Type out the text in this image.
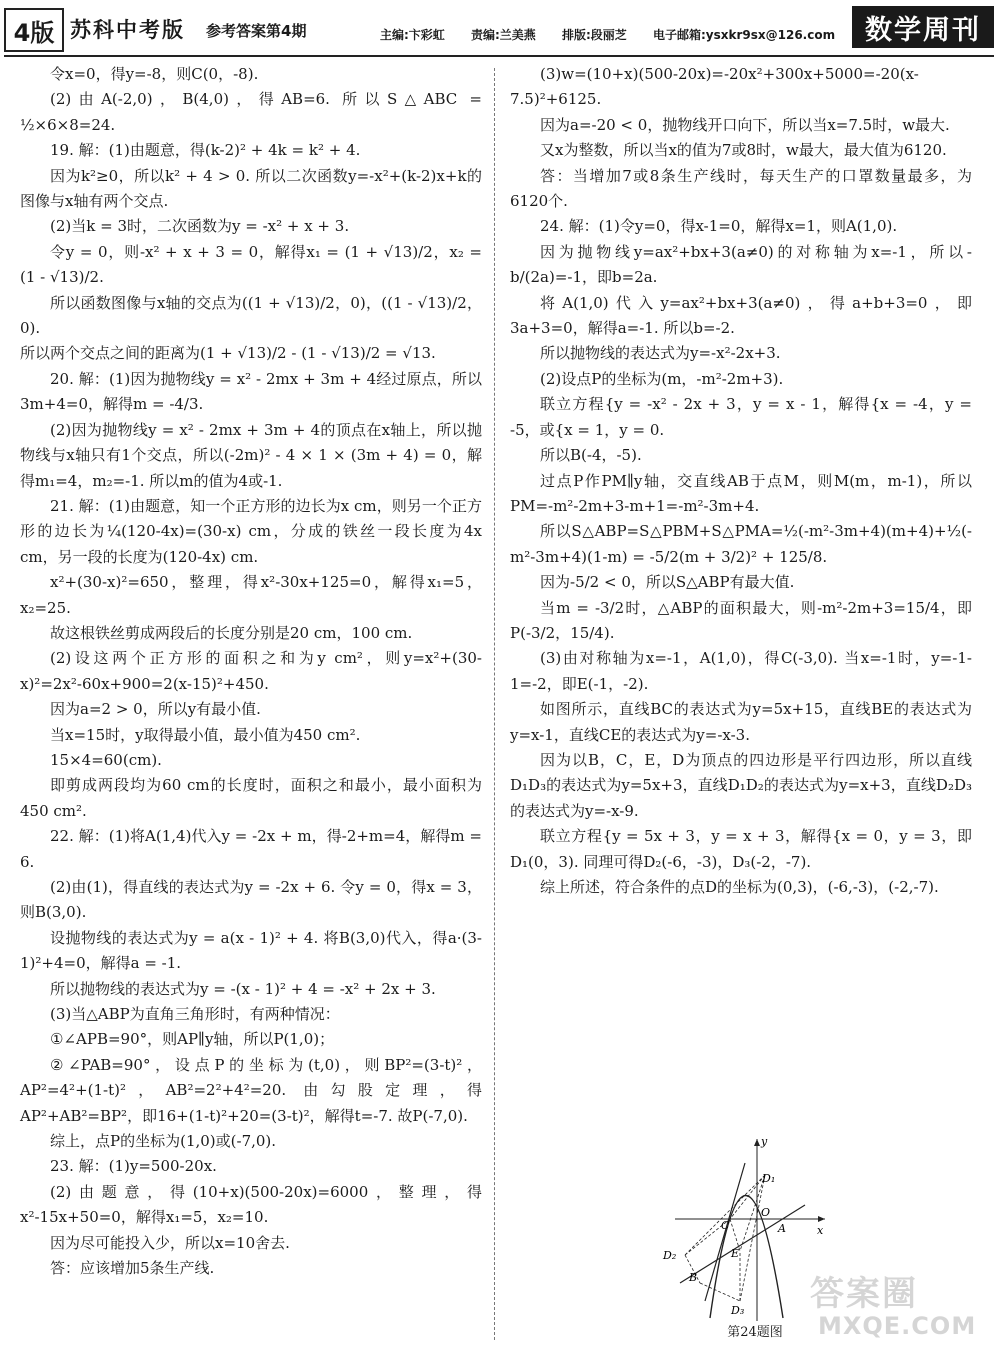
4版 苏科中考版 参考答案第4期	主编:卞彩虹 责编:兰美燕 排版:段丽芝 电子邮箱:ysxkr9sx@126.com	数学周刊

令x=0，得y=-8，则C(0，-8).

(2)由A(-2,0)，B(4,0)，得AB=6. 所以S△ABC = ½×6×8=24.

19. 解：(1)由题意，得(k-2)² + 4k = k² + 4.

因为k²≥0，所以k² + 4 > 0. 所以二次函数y=-x²+(k-2)x+k的图像与x轴有两个交点.

(2)当k = 3时，二次函数为y = -x² + x + 3.

令y = 0，则-x² + x + 3 = 0，解得x₁ = (1 + √13)/2，x₂ = (1 - √13)/2.

所以函数图像与x轴的交点为((1 + √13)/2，0)，((1 - √13)/2，0).

所以两个交点之间的距离为(1 + √13)/2 - (1 - √13)/2 = √13.

20. 解：(1)因为抛物线y = x² - 2mx + 3m + 4经过原点，所以3m+4=0，解得m = -4/3.

(2)因为抛物线y = x² - 2mx + 3m + 4的顶点在x轴上，所以抛物线与x轴只有1个交点，所以(-2m)² - 4 × 1 × (3m + 4) = 0，解得m₁=4，m₂=-1. 所以m的值为4或-1.

21. 解：(1)由题意，知一个正方形的边长为x cm，则另一个正方形的边长为¼(120-4x)=(30-x) cm，分成的铁丝一段长度为4x cm，另一段的长度为(120-4x) cm.

x²+(30-x)²=650，整理，得x²-30x+125=0，解得x₁=5，x₂=25.

故这根铁丝剪成两段后的长度分别是20 cm，100 cm.

(2)设这两个正方形的面积之和为y cm²，则y=x²+(30-x)²=2x²-60x+900=2(x-15)²+450.

因为a=2 > 0，所以y有最小值.

当x=15时，y取得最小值，最小值为450 cm².

15×4=60(cm).

即剪成两段均为60 cm的长度时，面积之和最小，最小面积为450 cm².

22. 解：(1)将A(1,4)代入y = -2x + m，得-2+m=4，解得m = 6.

(2)由(1)，得直线的表达式为y = -2x + 6. 令y = 0，得x = 3，则B(3,0).

设抛物线的表达式为y = a(x - 1)² + 4. 将B(3,0)代入，得a·(3-1)²+4=0，解得a = -1.

所以抛物线的表达式为y = -(x - 1)² + 4 = -x² + 2x + 3.

(3)当△ABP为直角三角形时，有两种情况：

①∠APB=90°，则AP∥y轴，所以P(1,0)；

②∠PAB=90°，设点P的坐标为(t,0)，则BP²=(3-t)²，AP²=4²+(1-t)²，AB²=2²+4²=20. 由勾股定理，得AP²+AB²=BP²，即16+(1-t)²+20=(3-t)²，解得t=-7. 故P(-7,0).

综上，点P的坐标为(1,0)或(-7,0).

23. 解：(1)y=500-20x.

(2)由题意，得(10+x)(500-20x)=6000，整理，得x²-15x+50=0，解得x₁=5，x₂=10.

因为尽可能投入少，所以x=10舍去.

答：应该增加5条生产线.

(3)w=(10+x)(500-20x)=-20x²+300x+5000=-20(x-7.5)²+6125.

因为a=-20 < 0，抛物线开口向下，所以当x=7.5时，w最大.

又x为整数，所以当x的值为7或8时，w最大，最大值为6120.

答：当增加7或8条生产线时，每天生产的口罩数量最多，为6120个.

24. 解：(1)令y=0，得x-1=0，解得x=1，则A(1,0).

因为抛物线y=ax²+bx+3(a≠0)的对称轴为x=-1，所以-b/(2a)=-1，即b=2a.

将A(1,0)代入y=ax²+bx+3(a≠0)，得a+b+3=0，即3a+3=0，解得a=-1. 所以b=-2.

所以抛物线的表达式为y=-x²-2x+3.

(2)设点P的坐标为(m，-m²-2m+3).

联立方程{y = -x² - 2x + 3，y = x - 1，解得{x = -4，y = -5，或{x = 1，y = 0.

所以B(-4，-5).

过点P作PM∥y轴，交直线AB于点M，则M(m，m-1)，所以PM=-m²-2m+3-m+1=-m²-3m+4.

所以S△ABP=S△PBM+S△PMA=½(-m²-3m+4)(m+4)+½(-m²-3m+4)(1-m) = -5/2(m + 3/2)² + 125/8.

因为-5/2 < 0，所以S△ABP有最大值.

当m = -3/2时，△ABP的面积最大，则-m²-2m+3=15/4，即P(-3/2，15/4).

(3)由对称轴为x=-1，A(1,0)，得C(-3,0). 当x=-1时，y=-1-1=-2，即E(-1，-2).

如图所示，直线BC的表达式为y=5x+15，直线BE的表达式为y=x-1，直线CE的表达式为y=-x-3.

因为以B，C，E，D为顶点的四边形是平行四边形，所以直线D₁D₃的表达式为y=5x+3，直线D₁D₂的表达式为y=x+3，直线D₂D₃的表达式为y=-x-9.

联立方程{y = 5x + 3，y = x + 3，解得{x = 0，y = 3，即D₁(0，3). 同理可得D₂(-6，-3)，D₃(-2，-7).

综上所述，符合条件的点D的坐标为(0,3)，(-6,-3)，(-2,-7).

y
x
D₁
C
O
A
E
D₂
B
D₃
第24题图
答案圈
MXQE.COM
